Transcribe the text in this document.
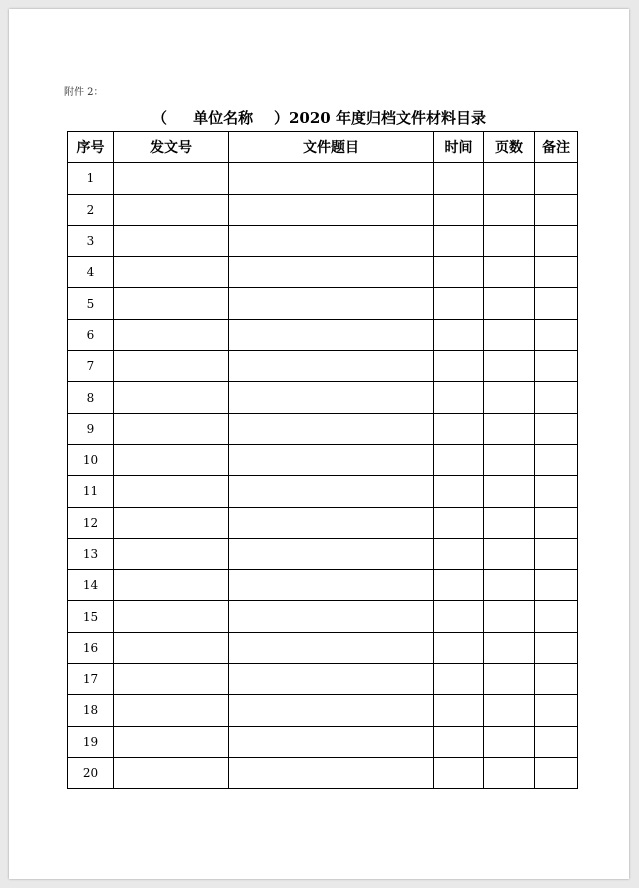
附件 2：
（     单位名称    ）2020 年度归档文件材料目录
序号	发文号	文件题目	时间	页数	备注
1					
2					
3					
4					
5					
6					
7					
8					
9					
10					
11					
12					
13					
14					
15					
16					
17					
18					
19					
20					
